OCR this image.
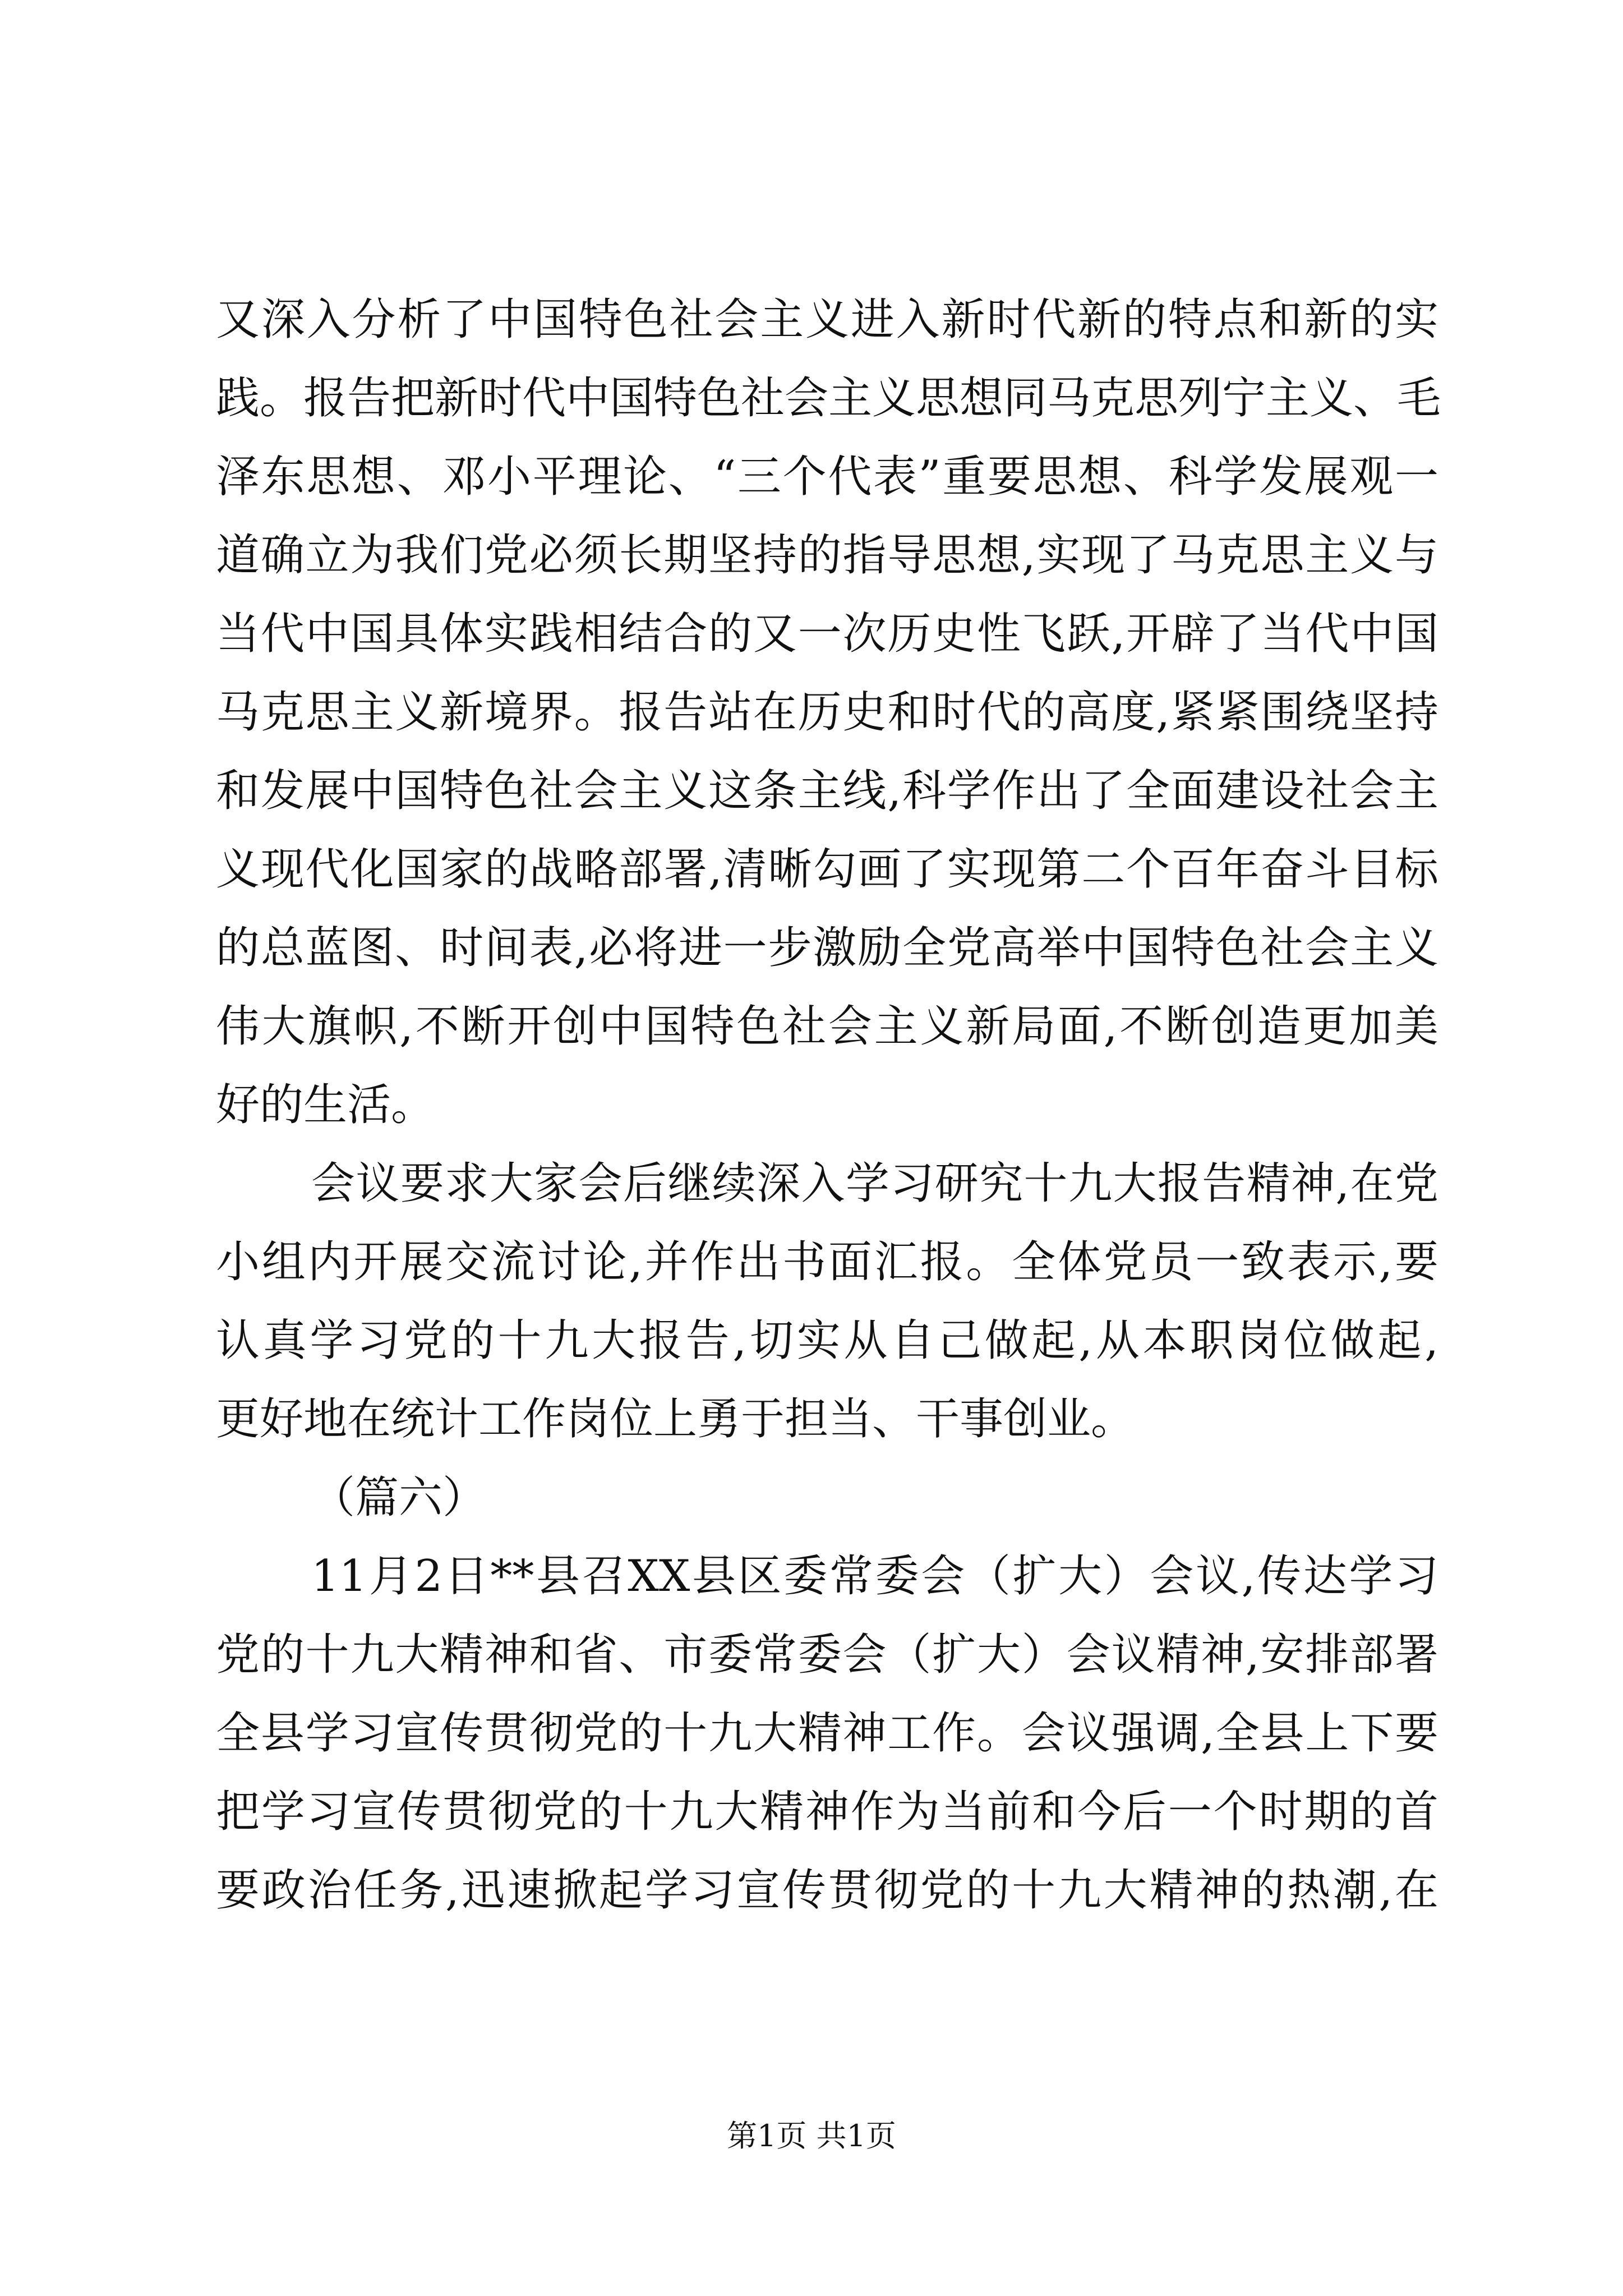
又深入分析了中国特色社会主义进入新时代新的特点和新的实
践。报告把新时代中国特色社会主义思想同马克思列宁主义、毛
泽东思想、邓小平理论、“三个代表”重要思想、科学发展观一
道确立为我们党必须长期坚持的指导思想,实现了马克思主义与
当代中国具体实践相结合的又一次历史性飞跃,开辟了当代中国
马克思主义新境界。报告站在历史和时代的高度,紧紧围绕坚持
和发展中国特色社会主义这条主线,科学作出了全面建设社会主
义现代化国家的战略部署,清晰勾画了实现第二个百年奋斗目标
的总蓝图、时间表,必将进一步激励全党高举中国特色社会主义
伟大旗帜,不断开创中国特色社会主义新局面,不断创造更加美
好的生活。
会议要求大家会后继续深入学习研究十九大报告精神,在党
小组内开展交流讨论,并作出书面汇报。全体党员一致表示,要
认真学习党的十九大报告,切实从自己做起,从本职岗位做起,
更好地在统计工作岗位上勇于担当、干事创业。
（篇六）
11月2日**县召XX县区委常委会（扩大）会议,传达学习
党的十九大精神和省、市委常委会（扩大）会议精神,安排部署
全县学习宣传贯彻党的十九大精神工作。会议强调,全县上下要
把学习宣传贯彻党的十九大精神作为当前和今后一个时期的首
要政治任务,迅速掀起学习宣传贯彻党的十九大精神的热潮,在
第1页 共1页
